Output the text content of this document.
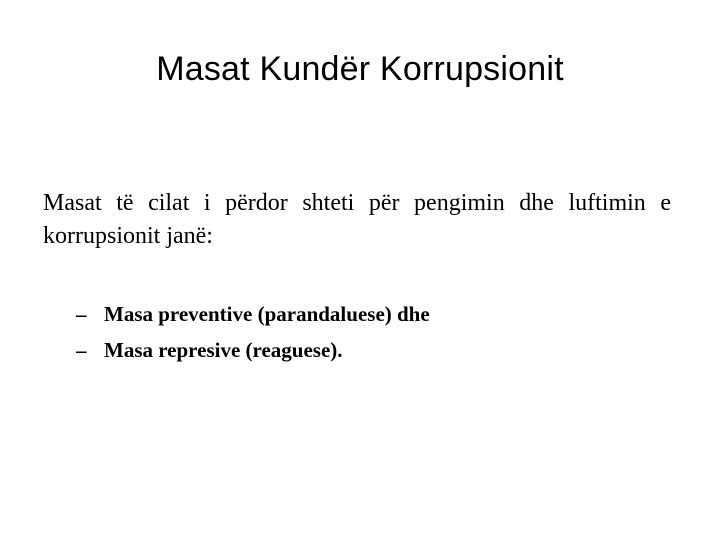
Masat Kundër Korrupsionit
Masat të cilat i përdor shteti për pengimin dhe luftimin e korrupsionit janë:
– Masa preventive (parandaluese) dhe
– Masa represive (reaguese).
